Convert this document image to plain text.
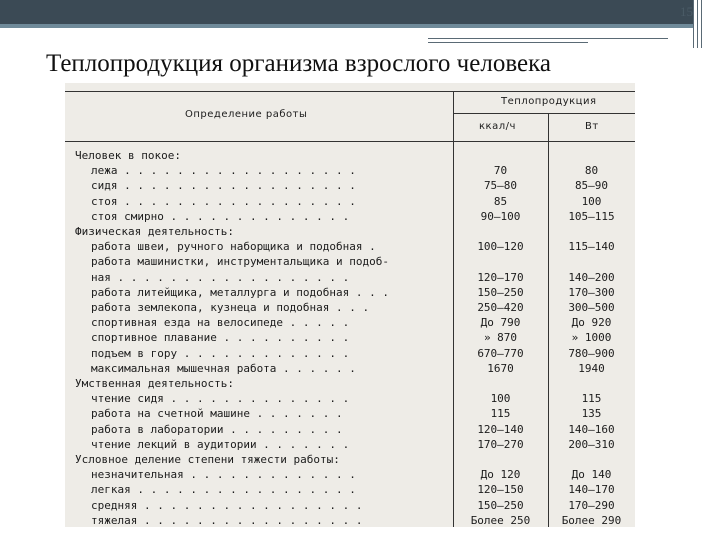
15
Теплопродукция организма взрослого человека
Определение работы
Теплопродукция
ккал/ч	Вт
Человек в покое:
лежа . . . . . . . . . . . . . . . . . .	70	80
сидя . . . . . . . . . . . . . . . . . .	75—80	85—90
стоя . . . . . . . . . . . . . . . . . .	85	100
стоя смирно . . . . . . . . . . . . . .	90—100	105—115
Физическая деятельность:
работа швеи, ручного наборщика и подобная .	100—120	115—140
работа машинистки, инструментальщика и подоб-
ная . . . . . . . . . . . . . . . . . .	120—170	140—200
работа литейщика, металлурга и подобная . . .	150—250	170—300
работа землекопа, кузнеца и подобная . . .	250—420	300—500
спортивная езда на велосипеде . . . . .	До 790	До 920
спортивное плавание . . . . . . . . . .	» 870	» 1000
подъем в гору . . . . . . . . . . . . .	670—770	780—900
максимальная мышечная работа . . . . . .	1670	1940
Умственная деятельность:
чтение сидя . . . . . . . . . . . . . .	100	115
работа на счетной машине . . . . . . .	115	135
работа в лаборатории . . . . . . . . .	120—140	140—160
чтение лекций в аудитории . . . . . . .	170—270	200—310
Условное деление степени тяжести работы:
незначительная . . . . . . . . . . . . .	До 120	До 140
легкая . . . . . . . . . . . . . . . . .	120—150	140—170
средняя . . . . . . . . . . . . . . . . .	150—250	170—290
тяжелая . . . . . . . . . . . . . . . . .	Более 250	Более 290
